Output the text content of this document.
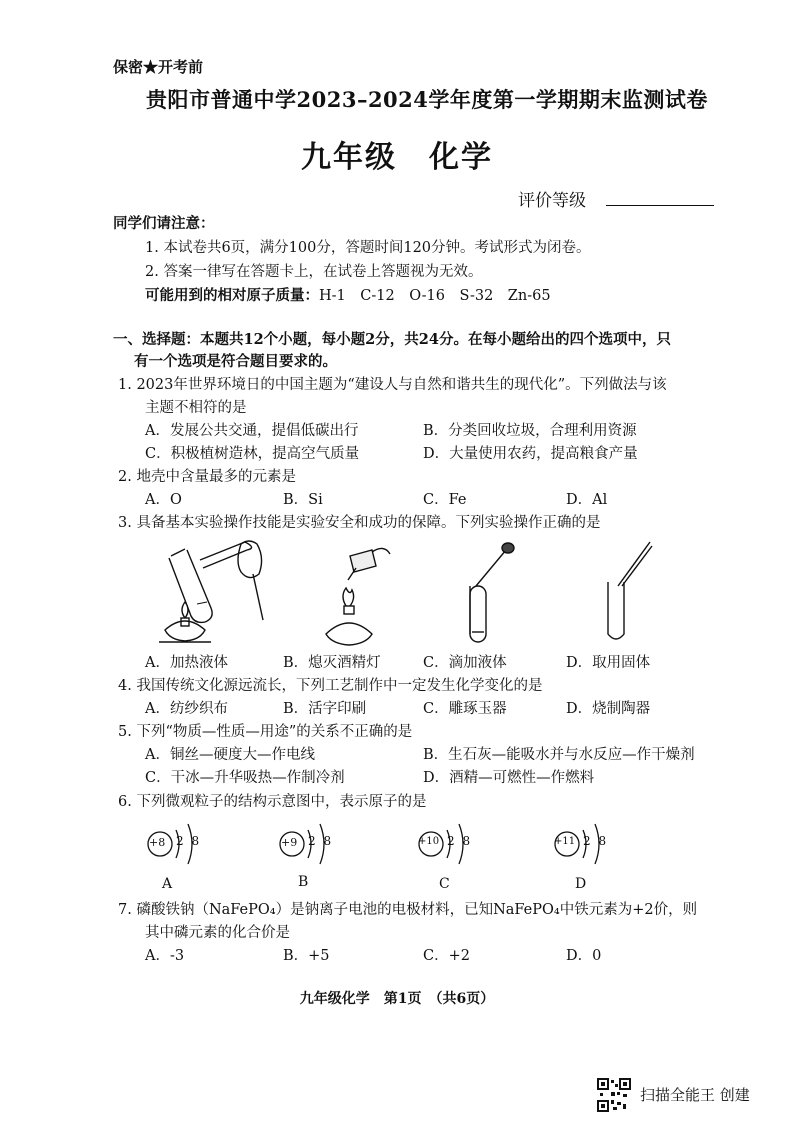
保密★开考前
贵阳市普通中学2023–2024学年度第一学期期末监测试卷
九年级　化学
评价等级
同学们请注意：
1. 本试卷共6页，满分100分，答题时间120分钟。考试形式为闭卷。
2. 答案一律写在答题卡上，在试卷上答题视为无效。
可能用到的相对原子质量：H-1　C-12　O-16　S-32　Zn-65
一、选择题：本题共12个小题，每小题2分，共24分。在每小题给出的四个选项中，只
有一个选项是符合题目要求的。
1. 2023年世界环境日的中国主题为“建设人与自然和谐共生的现代化”。下列做法与该
主题不相符的是
A．发展公共交通，提倡低碳出行	B．分类回收垃圾，合理利用资源
C．积极植树造林，提高空气质量	D．大量使用农药，提高粮食产量
2. 地壳中含量最多的元素是
A．O	B．Si	C．Fe	D．Al
3. 具备基本实验操作技能是实验安全和成功的保障。下列实验操作正确的是
A．加热液体	B．熄灭酒精灯	C．滴加液体	D．取用固体
4. 我国传统文化源远流长，下列工艺制作中一定发生化学变化的是
A．纺纱织布	B．活字印刷	C．雕琢玉器	D．烧制陶器
5. 下列“物质—性质—用途”的关系不正确的是
A．铜丝—硬度大—作电线	B．生石灰—能吸水并与水反应—作干燥剂
C．干冰—升华吸热—作制冷剂	D．酒精—可燃性—作燃料
6. 下列微观粒子的结构示意图中，表示原子的是
+8 2 8
A
+9 2 8
B
+10 2 8
C
+11 2 8
D
7. 磷酸铁钠（NaFePO₄）是钠离子电池的电极材料，已知NaFePO₄中铁元素为+2价，则
其中磷元素的化合价是
A．-3	B．+5	C．+2	D．0
九年级化学　第1页　（共6页）
扫描全能王 创建
